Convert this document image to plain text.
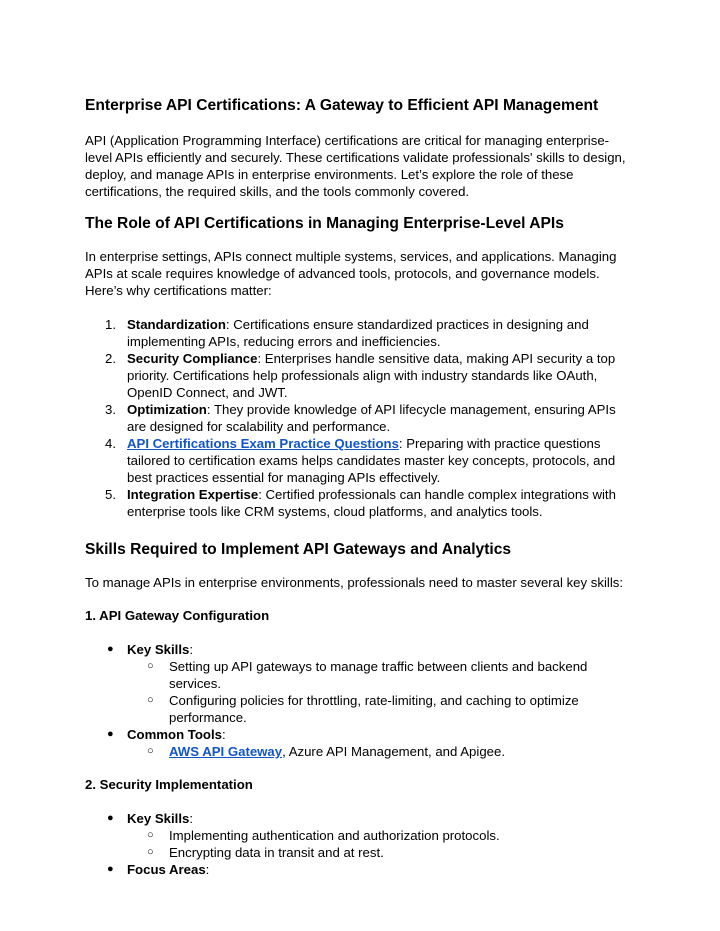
Enterprise API Certifications: A Gateway to Efficient API Management

API (Application Programming Interface) certifications are critical for managing enterprise-level APIs efficiently and securely. These certifications validate professionals' skills to design, deploy, and manage APIs in enterprise environments. Let’s explore the role of these certifications, the required skills, and the tools commonly covered.

The Role of API Certifications in Managing Enterprise-Level APIs

In enterprise settings, APIs connect multiple systems, services, and applications. Managing APIs at scale requires knowledge of advanced tools, protocols, and governance models. Here’s why certifications matter:

1. Standardization: Certifications ensure standardized practices in designing and implementing APIs, reducing errors and inefficiencies.
2. Security Compliance: Enterprises handle sensitive data, making API security a top priority. Certifications help professionals align with industry standards like OAuth, OpenID Connect, and JWT.
3. Optimization: They provide knowledge of API lifecycle management, ensuring APIs are designed for scalability and performance.
4. API Certifications Exam Practice Questions: Preparing with practice questions tailored to certification exams helps candidates master key concepts, protocols, and best practices essential for managing APIs effectively.
5. Integration Expertise: Certified professionals can handle complex integrations with enterprise tools like CRM systems, cloud platforms, and analytics tools.
Skills Required to Implement API Gateways and Analytics

To manage APIs in enterprise environments, professionals need to master several key skills:

1. API Gateway Configuration
● Key Skills:
○ Setting up API gateways to manage traffic between clients and backend services.
○ Configuring policies for throttling, rate-limiting, and caching to optimize performance.
● Common Tools:
○ AWS API Gateway, Azure API Management, and Apigee.
2. Security Implementation
● Key Skills:
○ Implementing authentication and authorization protocols.
○ Encrypting data in transit and at rest.
● Focus Areas:
